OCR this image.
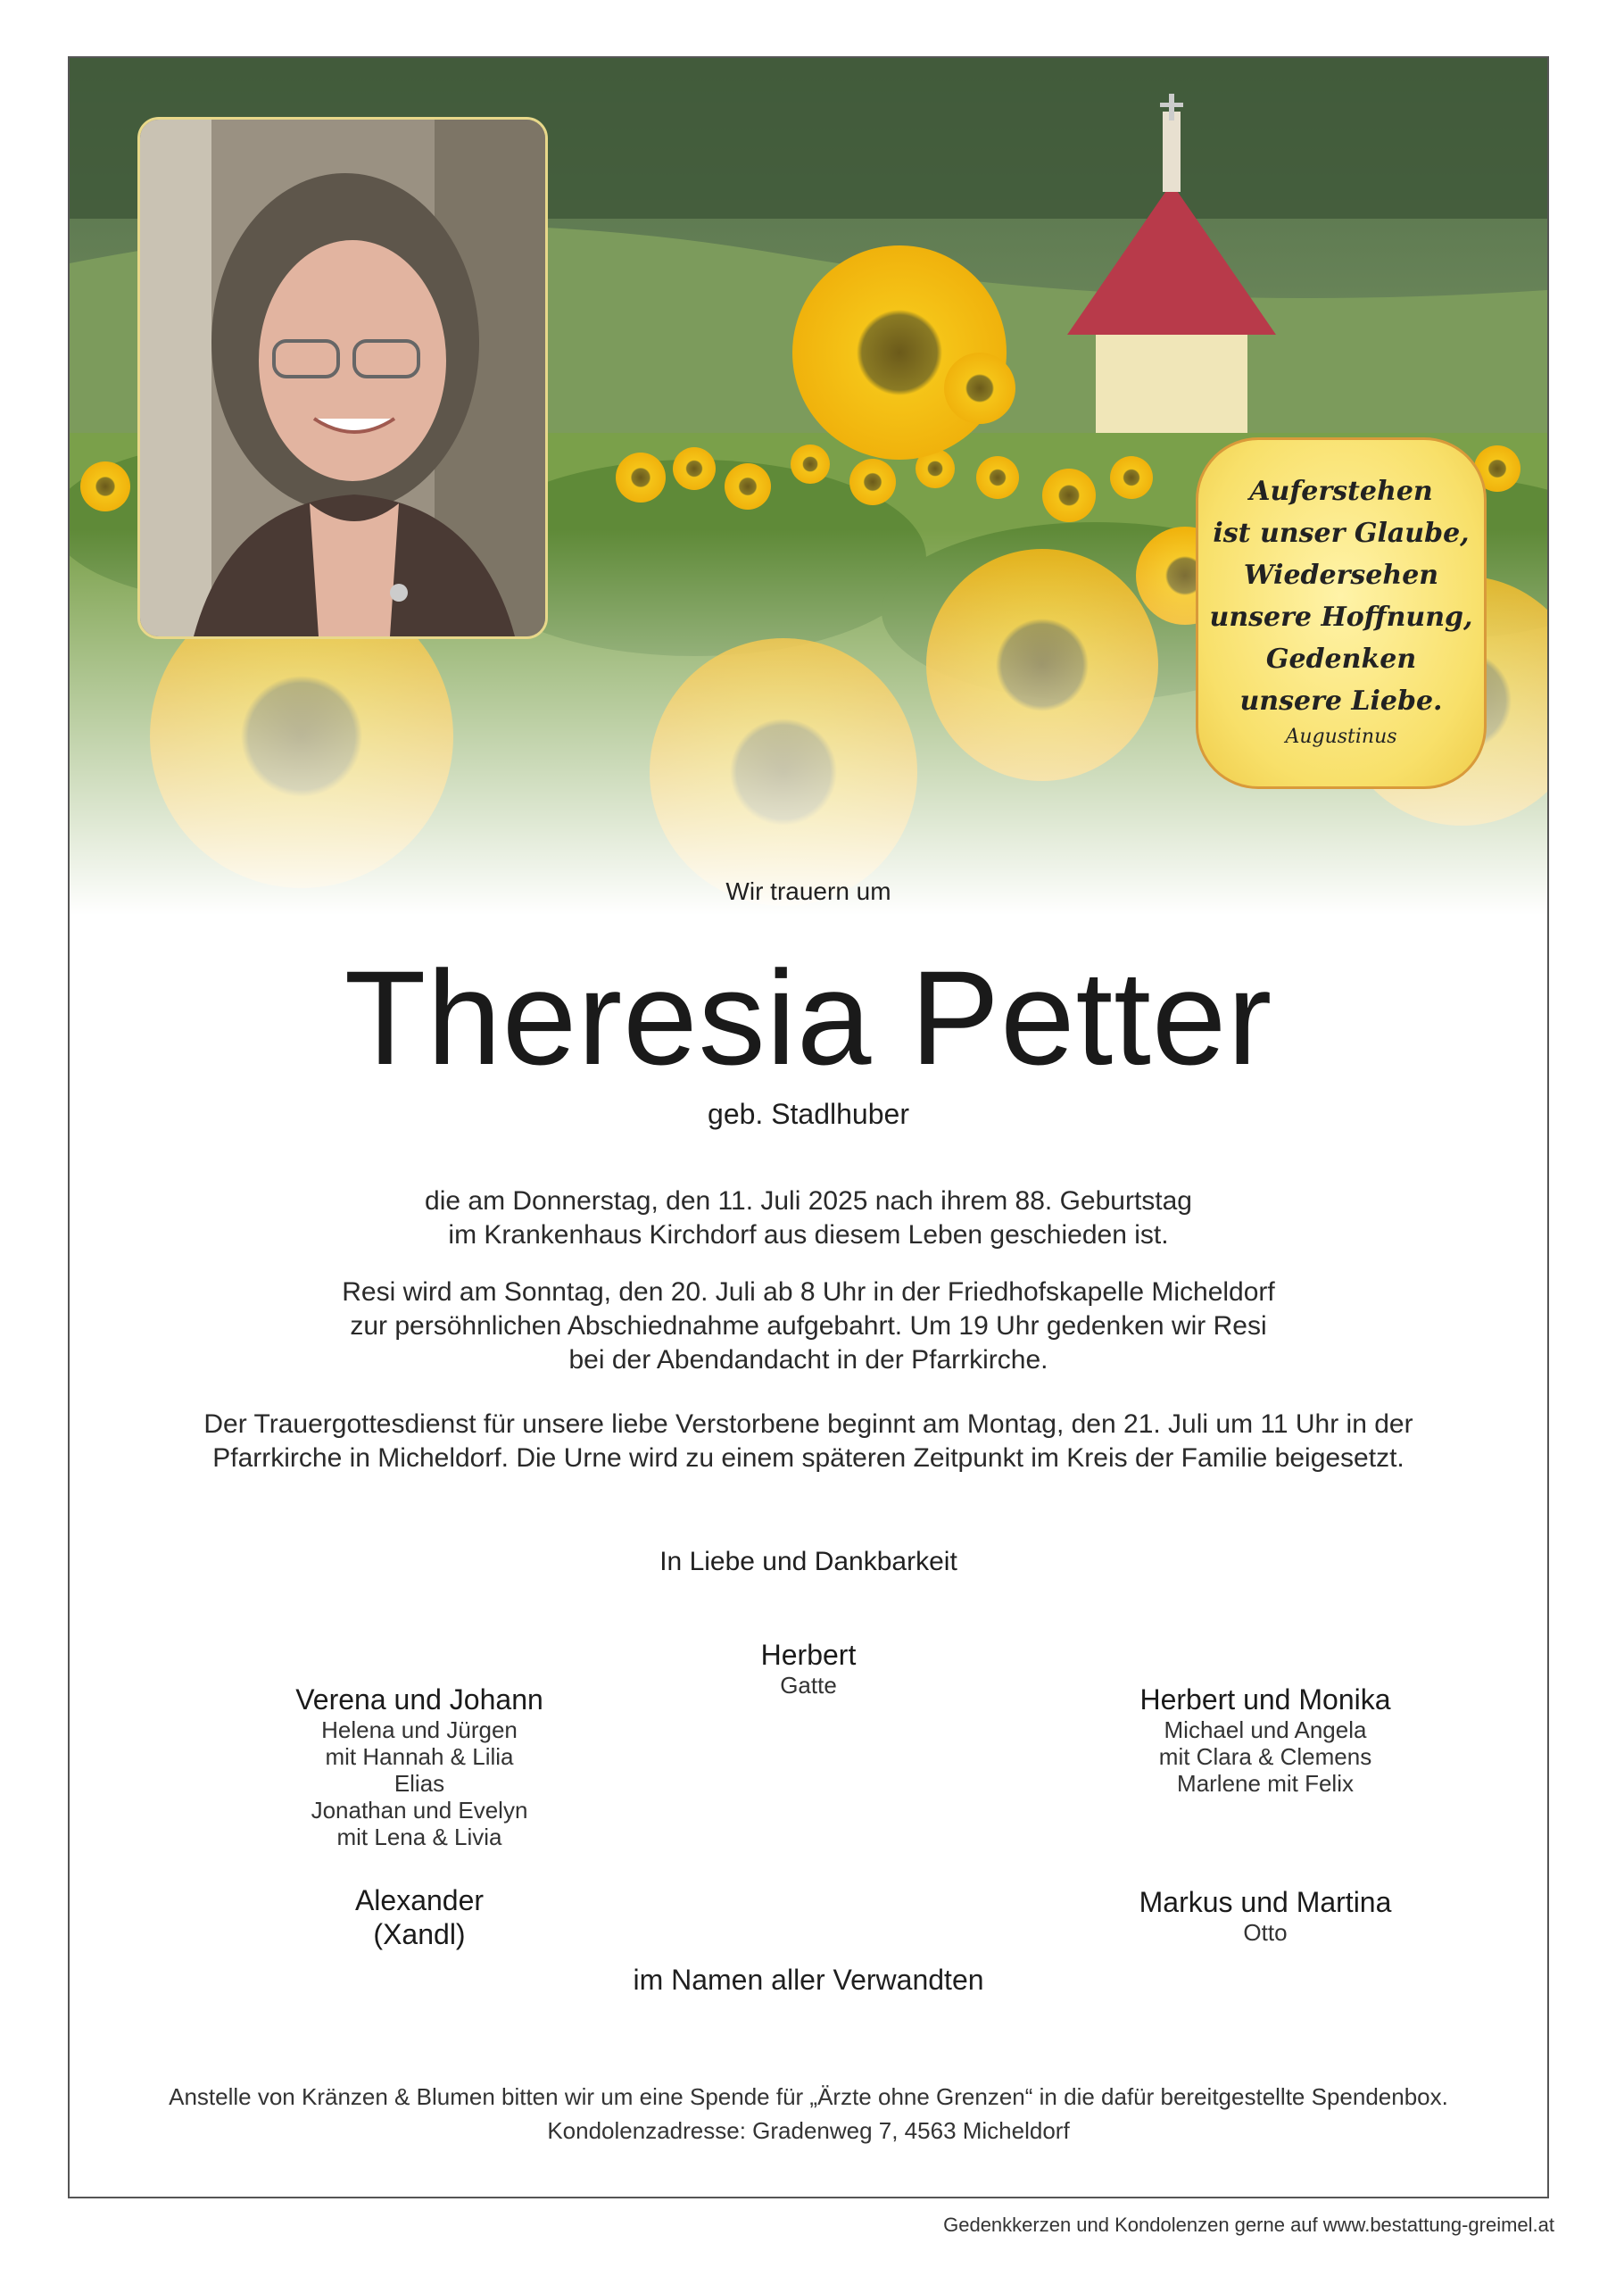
Auferstehen
ist unser Glaube,
Wiedersehen
unsere Hoffnung,
Gedenken
unsere Liebe.
Augustinus
Wir trauern um
Theresia Petter
geb. Stadlhuber
die am Donnerstag, den 11. Juli 2025 nach ihrem 88. Geburtstag
im Krankenhaus Kirchdorf aus diesem Leben geschieden ist.
Resi wird am Sonntag, den 20. Juli ab 8 Uhr in der Friedhofskapelle Micheldorf
zur persöhnlichen Abschiednahme aufgebahrt. Um 19 Uhr gedenken wir Resi
bei der Abendandacht in der Pfarrkirche.
Der Trauergottesdienst für unsere liebe Verstorbene beginnt am Montag, den 21. Juli um 11 Uhr in der
Pfarrkirche in Micheldorf. Die Urne wird zu einem späteren Zeitpunkt im Kreis der Familie beigesetzt.
In Liebe und Dankbarkeit
Herbert
Gatte
Verena und Johann
Helena und Jürgen
mit Hannah & Lilia
Elias
Jonathan und Evelyn
mit Lena & Livia
Herbert und Monika
Michael und Angela
mit Clara & Clemens
Marlene mit Felix
Alexander
(Xandl)
Markus und Martina
Otto
im Namen aller Verwandten
Anstelle von Kränzen & Blumen bitten wir um eine Spende für „Ärzte ohne Grenzen“ in die dafür bereitgestellte Spendenbox.
Kondolenzadresse: Gradenweg 7, 4563 Micheldorf
Gedenkkerzen und Kondolenzen gerne auf www.bestattung-greimel.at
